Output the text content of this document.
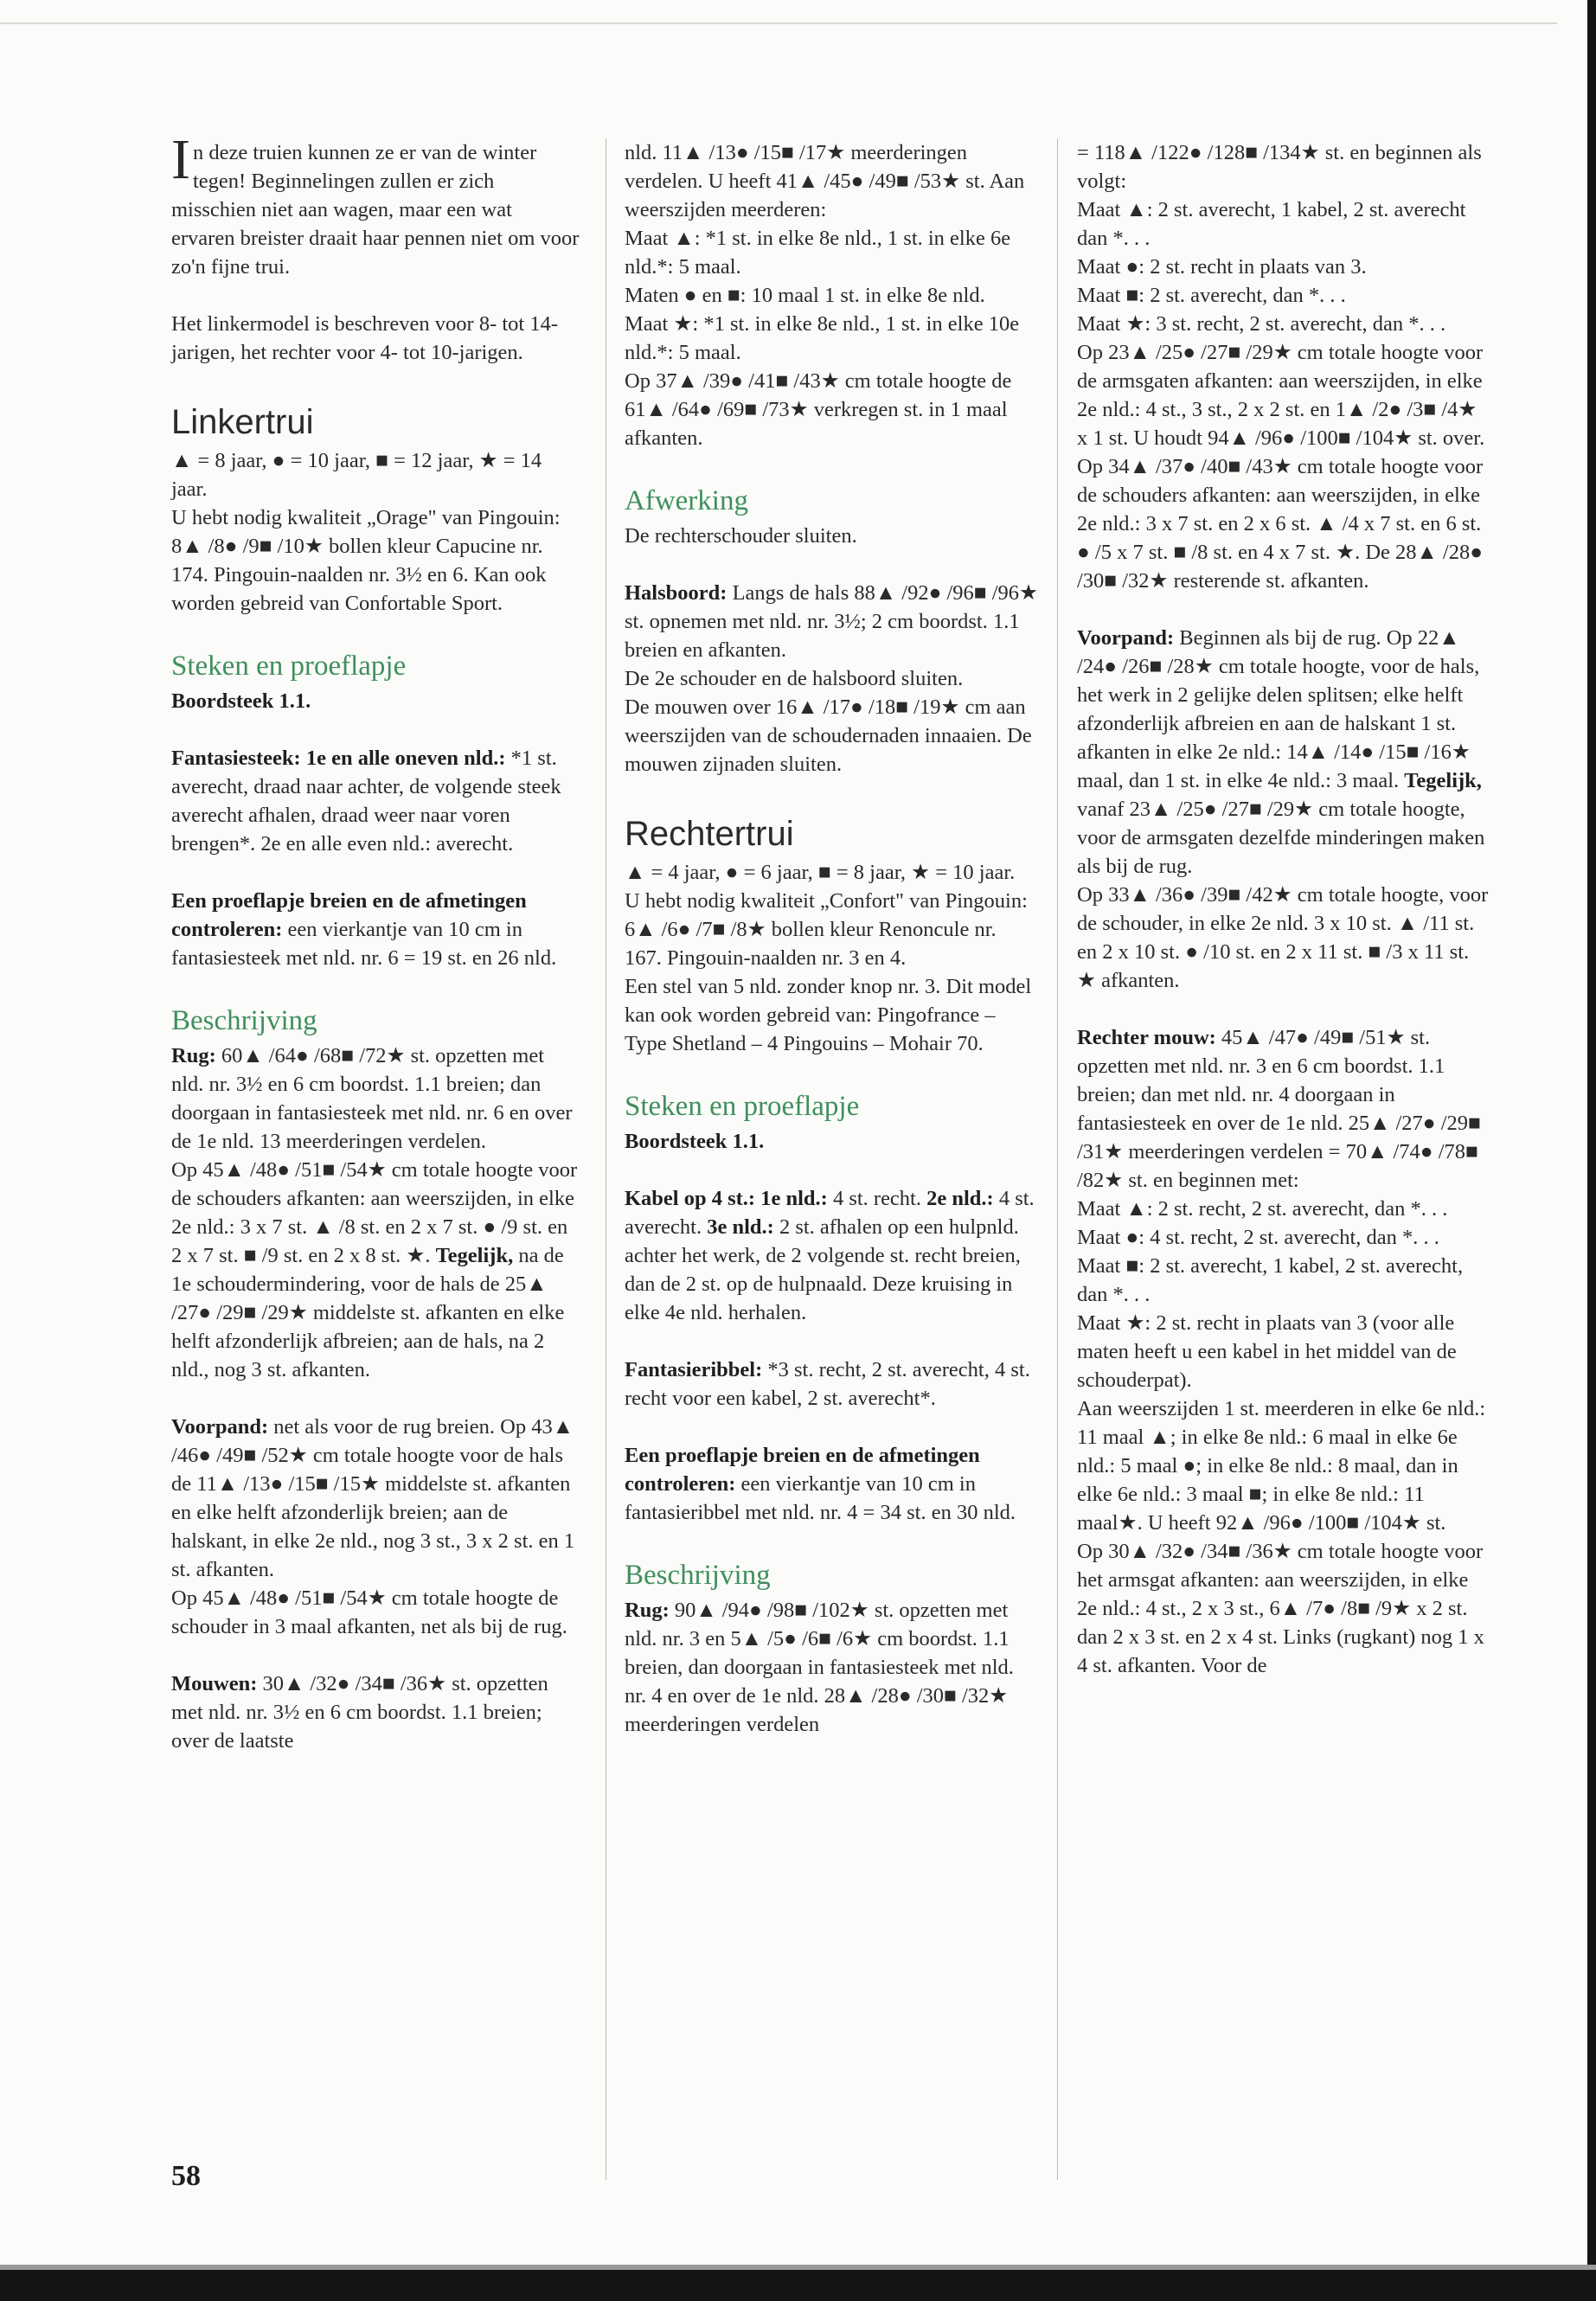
In deze truien kunnen ze er van de winter tegen! Beginnelingen zullen er zich misschien niet aan wagen, maar een wat ervaren breister draait haar pennen niet om voor zo'n fijne trui.

Het linkermodel is beschreven voor 8- tot 14-jarigen, het rechter voor 4- tot 10-jarigen.

Linkertrui

▲ = 8 jaar, ● = 10 jaar, ■ = 12 jaar, ★ = 14 jaar.

U hebt nodig kwaliteit „Orage" van Pingouin: 8▲ /8● /9■ /10★ bollen kleur Capucine nr. 174. Pingouin-naalden nr. 3½ en 6. Kan ook worden gebreid van Confortable Sport.

Steken en proeflapje

Boordsteek 1.1.

Fantasiesteek: 1e en alle oneven nld.: *1 st. averecht, draad naar achter, de volgende steek averecht afhalen, draad weer naar voren brengen*. 2e en alle even nld.: averecht.

Een proeflapje breien en de afmetingen controleren: een vierkantje van 10 cm in fantasiesteek met nld. nr. 6 = 19 st. en 26 nld.

Beschrijving

Rug: 60▲ /64● /68■ /72★ st. opzetten met nld. nr. 3½ en 6 cm boordst. 1.1 breien; dan doorgaan in fantasiesteek met nld. nr. 6 en over de 1e nld. 13 meerderingen verdelen.

Op 45▲ /48● /51■ /54★ cm totale hoogte voor de schouders afkanten: aan weerszijden, in elke 2e nld.: 3 x 7 st. ▲ /8 st. en 2 x 7 st. ● /9 st. en 2 x 7 st. ■ /9 st. en 2 x 8 st. ★. Tegelijk, na de 1e schoudermindering, voor de hals de 25▲ /27● /29■ /29★ middelste st. afkanten en elke helft afzonderlijk afbreien; aan de hals, na 2 nld., nog 3 st. afkanten.

Voorpand: net als voor de rug breien. Op 43▲ /46● /49■ /52★ cm totale hoogte voor de hals de 11▲ /13● /15■ /15★ middelste st. afkanten en elke helft afzonderlijk breien; aan de halskant, in elke 2e nld., nog 3 st., 3 x 2 st. en 1 st. afkanten.

Op 45▲ /48● /51■ /54★ cm totale hoogte de schouder in 3 maal afkanten, net als bij de rug.

Mouwen: 30▲ /32● /34■ /36★ st. opzetten met nld. nr. 3½ en 6 cm boordst. 1.1 breien; over de laatste

nld. 11▲ /13● /15■ /17★ meerderingen verdelen. U heeft 41▲ /45● /49■ /53★ st. Aan weerszijden meerderen:

Maat ▲: *1 st. in elke 8e nld., 1 st. in elke 6e nld.*: 5 maal.

Maten ● en ■: 10 maal 1 st. in elke 8e nld.

Maat ★: *1 st. in elke 8e nld., 1 st. in elke 10e nld.*: 5 maal.

Op 37▲ /39● /41■ /43★ cm totale hoogte de 61▲ /64● /69■ /73★ verkregen st. in 1 maal afkanten.

Afwerking

De rechterschouder sluiten.

Halsboord: Langs de hals 88▲ /92● /96■ /96★ st. opnemen met nld. nr. 3½; 2 cm boordst. 1.1 breien en afkanten.

De 2e schouder en de halsboord sluiten.

De mouwen over 16▲ /17● /18■ /19★ cm aan weerszijden van de schoudernaden innaaien. De mouwen zijnaden sluiten.

Rechtertrui

▲ = 4 jaar, ● = 6 jaar, ■ = 8 jaar, ★ = 10 jaar.

U hebt nodig kwaliteit „Confort" van Pingouin: 6▲ /6● /7■ /8★ bollen kleur Renoncule nr. 167. Pingouin-naalden nr. 3 en 4.

Een stel van 5 nld. zonder knop nr. 3. Dit model kan ook worden gebreid van: Pingofrance – Type Shetland – 4 Pingouins – Mohair 70.

Steken en proeflapje

Boordsteek 1.1.

Kabel op 4 st.: 1e nld.: 4 st. recht. 2e nld.: 4 st. averecht. 3e nld.: 2 st. afhalen op een hulpnld. achter het werk, de 2 volgende st. recht breien, dan de 2 st. op de hulpnaald. Deze kruising in elke 4e nld. herhalen.

Fantasieribbel: *3 st. recht, 2 st. averecht, 4 st. recht voor een kabel, 2 st. averecht*.

Een proeflapje breien en de afmetingen controleren: een vierkantje van 10 cm in fantasieribbel met nld. nr. 4 = 34 st. en 30 nld.

Beschrijving

Rug: 90▲ /94● /98■ /102★ st. opzetten met nld. nr. 3 en 5▲ /5● /6■ /6★ cm boordst. 1.1 breien, dan doorgaan in fantasiesteek met nld. nr. 4 en over de 1e nld. 28▲ /28● /30■ /32★ meerderingen verdelen

= 118▲ /122● /128■ /134★ st. en beginnen als volgt:

Maat ▲: 2 st. averecht, 1 kabel, 2 st. averecht dan *. . .

Maat ●: 2 st. recht in plaats van 3.

Maat ■: 2 st. averecht, dan *. . .

Maat ★: 3 st. recht, 2 st. averecht, dan *. . .

Op 23▲ /25● /27■ /29★ cm totale hoogte voor de armsgaten afkanten: aan weerszijden, in elke 2e nld.: 4 st., 3 st., 2 x 2 st. en 1▲ /2● /3■ /4★ x 1 st. U houdt 94▲ /96● /100■ /104★ st. over.

Op 34▲ /37● /40■ /43★ cm totale hoogte voor de schouders afkanten: aan weerszijden, in elke 2e nld.: 3 x 7 st. en 2 x 6 st. ▲ /4 x 7 st. en 6 st. ● /5 x 7 st. ■ /8 st. en 4 x 7 st. ★. De 28▲ /28● /30■ /32★ resterende st. afkanten.

Voorpand: Beginnen als bij de rug. Op 22▲ /24● /26■ /28★ cm totale hoogte, voor de hals, het werk in 2 gelijke delen splitsen; elke helft afzonderlijk afbreien en aan de halskant 1 st. afkanten in elke 2e nld.: 14▲ /14● /15■ /16★ maal, dan 1 st. in elke 4e nld.: 3 maal. Tegelijk, vanaf 23▲ /25● /27■ /29★ cm totale hoogte, voor de armsgaten dezelfde minderingen maken als bij de rug.

Op 33▲ /36● /39■ /42★ cm totale hoogte, voor de schouder, in elke 2e nld. 3 x 10 st. ▲ /11 st. en 2 x 10 st. ● /10 st. en 2 x 11 st. ■ /3 x 11 st. ★ afkanten.

Rechter mouw: 45▲ /47● /49■ /51★ st. opzetten met nld. nr. 3 en 6 cm boordst. 1.1 breien; dan met nld. nr. 4 doorgaan in fantasiesteek en over de 1e nld. 25▲ /27● /29■ /31★ meerderingen verdelen = 70▲ /74● /78■ /82★ st. en beginnen met:

Maat ▲: 2 st. recht, 2 st. averecht, dan *. . .

Maat ●: 4 st. recht, 2 st. averecht, dan *. . .

Maat ■: 2 st. averecht, 1 kabel, 2 st. averecht, dan *. . .

Maat ★: 2 st. recht in plaats van 3 (voor alle maten heeft u een kabel in het middel van de schouderpat).

Aan weerszijden 1 st. meerderen in elke 6e nld.: 11 maal ▲; in elke 8e nld.: 6 maal in elke 6e nld.: 5 maal ●; in elke 8e nld.: 8 maal, dan in elke 6e nld.: 3 maal ■; in elke 8e nld.: 11 maal★. U heeft 92▲ /96● /100■ /104★ st.

Op 30▲ /32● /34■ /36★ cm totale hoogte voor het armsgat afkanten: aan weerszijden, in elke 2e nld.: 4 st., 2 x 3 st., 6▲ /7● /8■ /9★ x 2 st. dan 2 x 3 st. en 2 x 4 st. Links (rugkant) nog 1 x 4 st. afkanten. Voor de

58
